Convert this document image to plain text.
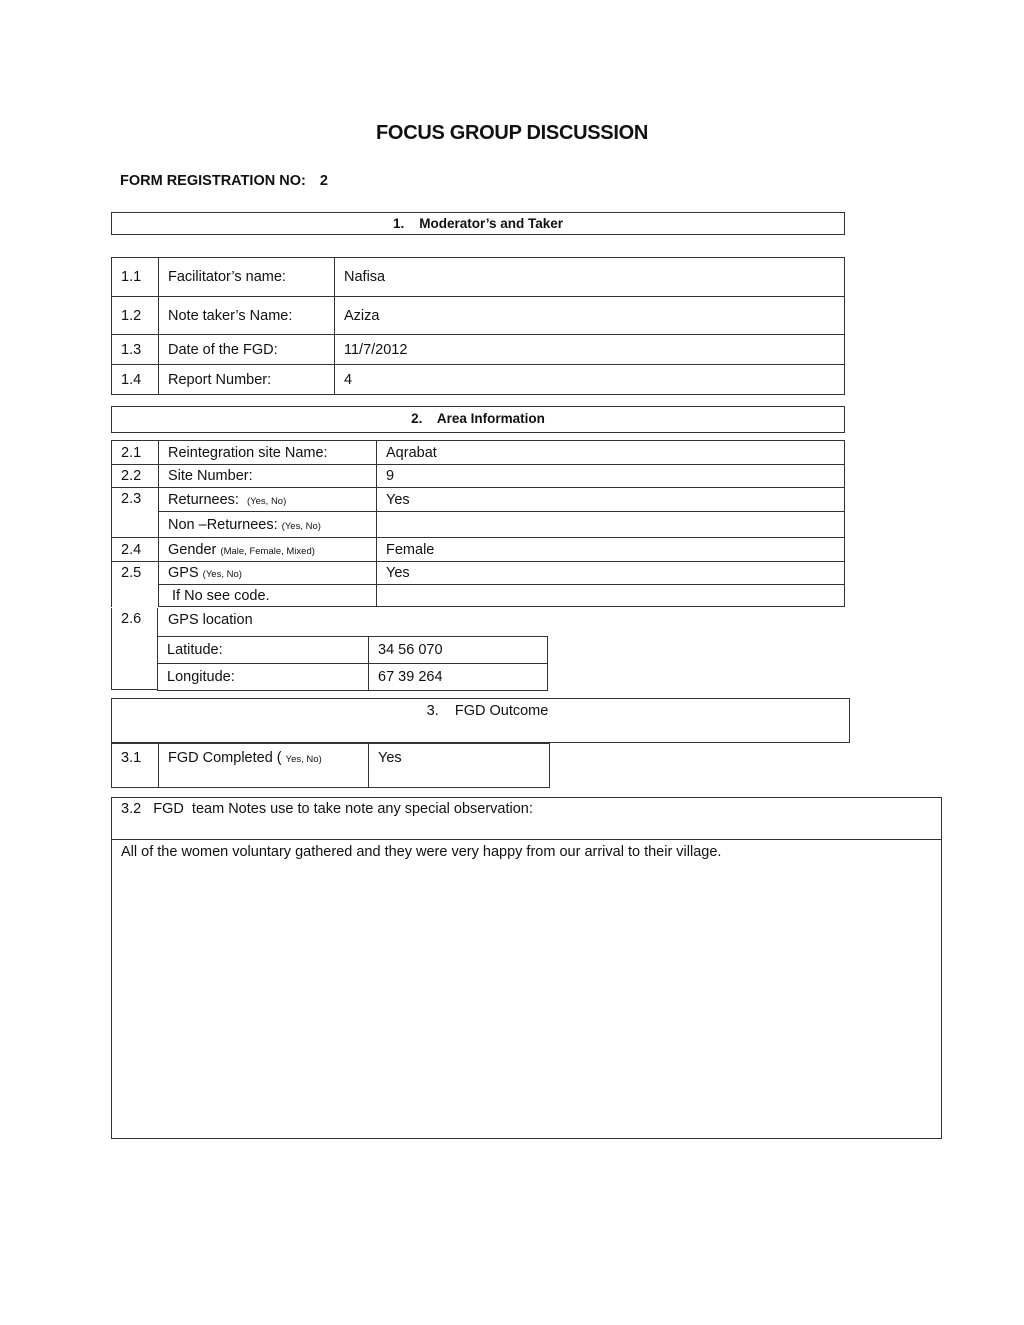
FOCUS GROUP DISCUSSION
FORM REGISTRATION NO: 2
1.    Moderator’s and Taker
1.1	Facilitator’s name:	Nafisa
1.2	Note taker’s Name:	Aziza
1.3	Date of the FGD:	11/7/2012
1.4	Report Number:	4
2.    Area Information
2.1	Reintegration site Name:	Aqrabat
2.2	Site Number:	9
2.3	Returnees:  (Yes, No)	Yes
	Non –Returnees: (Yes, No)	
2.4	Gender (Male, Female, Mixed)	Female
2.5	GPS (Yes, No)	Yes
	If No see code.	
2.6	GPS location
Latitude:	34 56 070
Longitude:	67 39 264
3.    FGD Outcome
3.1	FGD Completed ( Yes, No)	Yes
3.2 FGD  team Notes use to take note any special observation:
All of the women voluntary gathered and they were very happy from our arrival to their village.
